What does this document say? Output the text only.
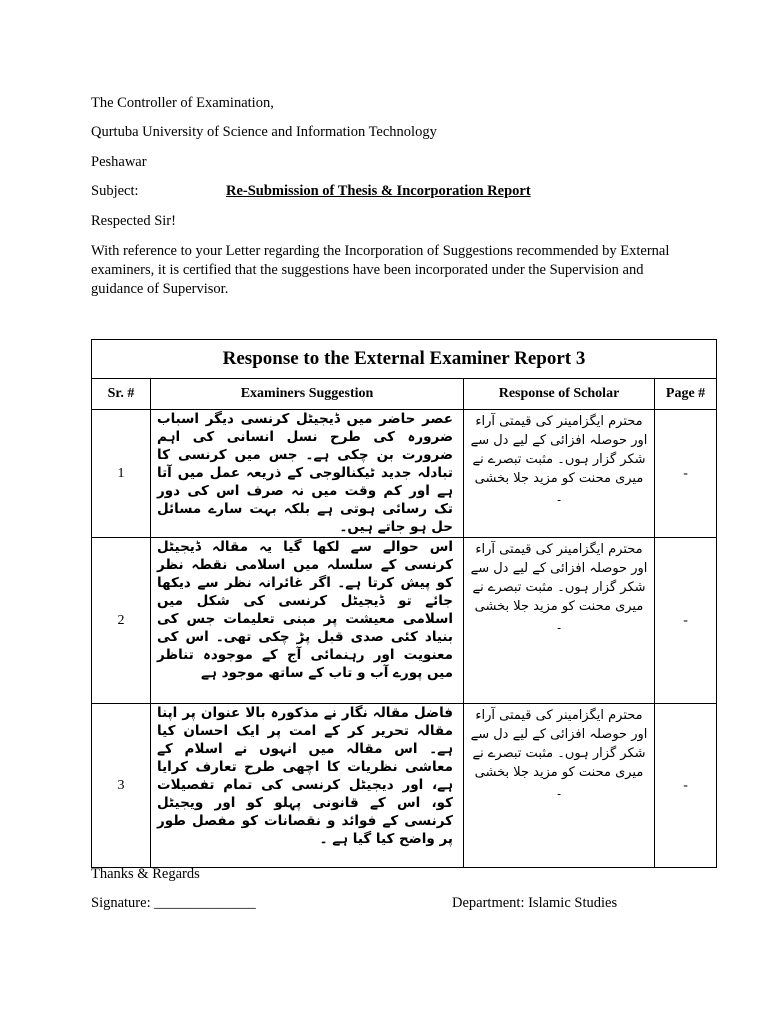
The Controller of Examination,
Qurtuba University of Science and Information Technology
Peshawar
Subject:	Re-Submission of Thesis & Incorporation Report
Respected Sir!
With reference to your Letter regarding the Incorporation of Suggestions recommended by External examiners, it is certified that the suggestions have been incorporated under the Supervision and guidance of Supervisor.
Response to the External Examiner Report 3			
Sr. #	Examiners Suggestion	Response of Scholar	Page #
1	عصر حاضر میں ڈیجیٹل کرنسی دیگر اسباب ضرورہ کی طرح نسل انسانی کی اہم ضرورت بن چکی ہے۔ جس میں کرنسی کا تبادلہ جدید ٹیکنالوجی کے ذریعہ عمل میں آتا ہے اور کم وقت میں نہ صرف اس کی دور تک رسائی ہوتی ہے بلکہ بہت سارے مسائل حل ہو جاتے ہیں۔	محترم ایگزامینر کی قیمتی آراء اور حوصلہ افزائی کے لیے دل سے شکر گزار ہوں۔ مثبت تبصرے نے میری محنت کو مزید جلا بخشی ۔	-
2	اس حوالے سے لکھا گیا یہ مقالہ ڈیجیٹل کرنسی کے سلسلہ میں اسلامی نقطہ نظر کو پیش کرتا ہے۔ اگر غائرانہ نظر سے دیکھا جائے تو ڈیجیٹل کرنسی کی شکل میں اسلامی معیشت پر مبنی تعلیمات جس کی بنیاد کئی صدی قبل پڑ چکی تھی۔ اس کی معنویت اور رہنمائی آج کے موجودہ تناظر میں پورے آب و تاب کے ساتھ موجود ہے	محترم ایگزامینر کی قیمتی آراء اور حوصلہ افزائی کے لیے دل سے شکر گزار ہوں۔ مثبت تبصرے نے میری محنت کو مزید جلا بخشی ۔	-
3	فاضل مقالہ نگار نے مذکورہ بالا عنوان پر اپنا مقالہ تحریر کر کے امت پر ایک احسان کیا ہے۔ اس مقالہ میں انہوں نے اسلام کے معاشی نظریات کا اچھی طرح تعارف کرایا ہے، اور دیجیٹل کرنسی کی تمام تفصیلات کو، اس کے قانونی پہلو کو اور ویجیٹل کرنسی کے فوائد و نقصانات کو مفصل طور پر واضح کیا گیا ہے ۔	محترم ایگزامینر کی قیمتی آراء اور حوصلہ افزائی کے لیے دل سے شکر گزار ہوں۔ مثبت تبصرے نے میری محنت کو مزید جلا بخشی ۔	-
Thanks & Regards
Signature: ______________	Department: Islamic Studies
